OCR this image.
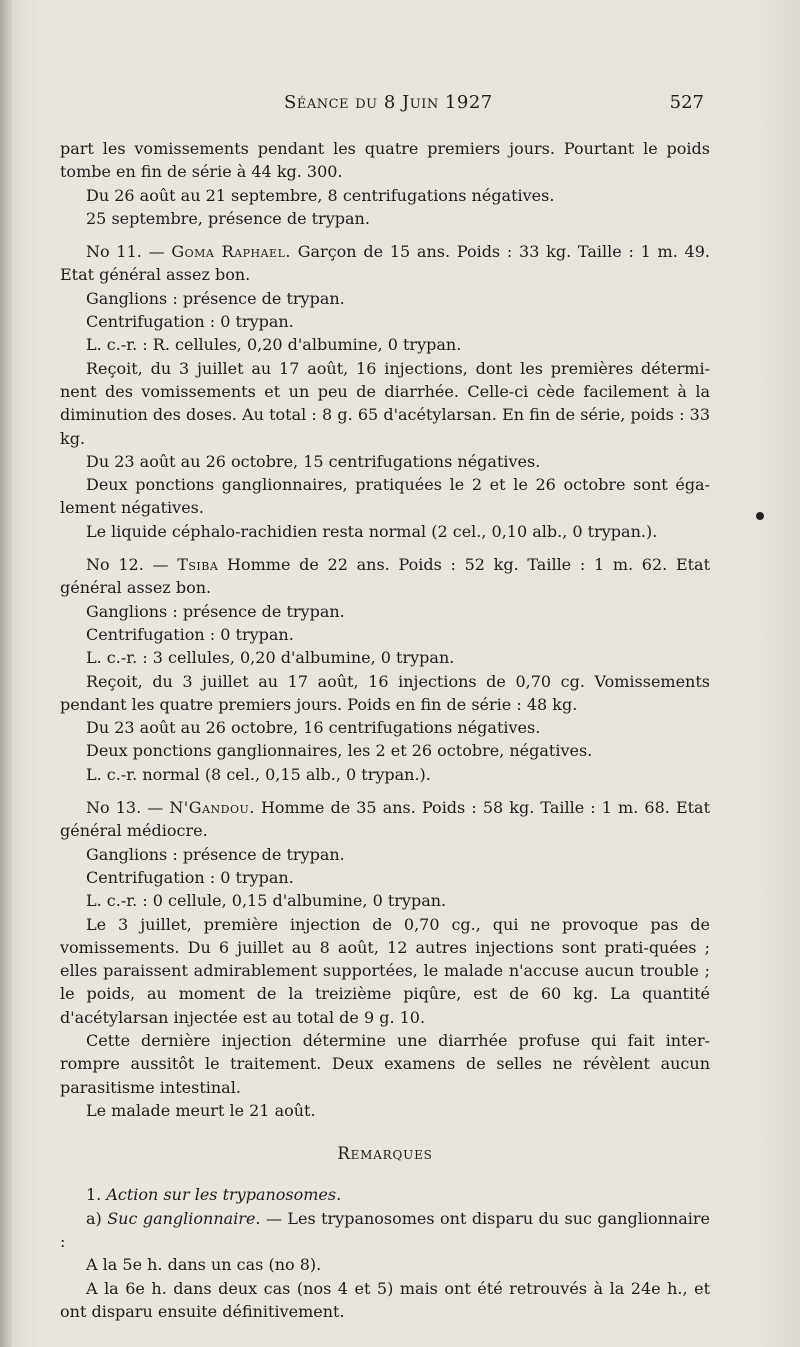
Séance du 8 Juin 1927	527

part les vomissements pendant les quatre premiers jours. Pourtant le poids tombe en fin de série à 44 kg. 300.

Du 26 août au 21 septembre, 8 centrifugations négatives.

25 septembre, présence de trypan.

No 11. — Goma Raphael. Garçon de 15 ans. Poids : 33 kg. Taille : 1 m. 49. Etat général assez bon.

Ganglions : présence de trypan.

Centrifugation : 0 trypan.

L. c.-r. : R. cellules, 0,20 d'albumine, 0 trypan.

Reçoit, du 3 juillet au 17 août, 16 injections, dont les premières détermi-nent des vomissements et un peu de diarrhée. Celle-ci cède facilement à la diminution des doses. Au total : 8 g. 65 d'acétylarsan. En fin de série, poids : 33 kg.

Du 23 août au 26 octobre, 15 centrifugations négatives.

Deux ponctions ganglionnaires, pratiquées le 2 et le 26 octobre sont éga-lement négatives.

Le liquide céphalo-rachidien resta normal (2 cel., 0,10 alb., 0 trypan.).

No 12. — Tsiba Homme de 22 ans. Poids : 52 kg. Taille : 1 m. 62. Etat général assez bon.

Ganglions : présence de trypan.

Centrifugation : 0 trypan.

L. c.-r. : 3 cellules, 0,20 d'albumine, 0 trypan.

Reçoit, du 3 juillet au 17 août, 16 injections de 0,70 cg. Vomissements pendant les quatre premiers jours. Poids en fin de série : 48 kg.

Du 23 août au 26 octobre, 16 centrifugations négatives.

Deux ponctions ganglionnaires, les 2 et 26 octobre, négatives.

L. c.-r. normal (8 cel., 0,15 alb., 0 trypan.).

No 13. — N'Gandou. Homme de 35 ans. Poids : 58 kg. Taille : 1 m. 68. Etat général médiocre.

Ganglions : présence de trypan.

Centrifugation : 0 trypan.

L. c.-r. : 0 cellule, 0,15 d'albumine, 0 trypan.

Le 3 juillet, première injection de 0,70 cg., qui ne provoque pas de vomissements. Du 6 juillet au 8 août, 12 autres injections sont prati-quées ; elles paraissent admirablement supportées, le malade n'accuse aucun trouble ; le poids, au moment de la treizième piqûre, est de 60 kg. La quantité d'acétylarsan injectée est au total de 9 g. 10.

Cette dernière injection détermine une diarrhée profuse qui fait inter-rompre aussitôt le traitement. Deux examens de selles ne révèlent aucun parasitisme intestinal.

Le malade meurt le 21 août.

Remarques

1. Action sur les trypanosomes.

a) Suc ganglionnaire. — Les trypanosomes ont disparu du suc ganglionnaire :

A la 5e h. dans un cas (no 8).

A la 6e h. dans deux cas (nos 4 et 5) mais ont été retrouvés à la 24e h., et ont disparu ensuite définitivement.
